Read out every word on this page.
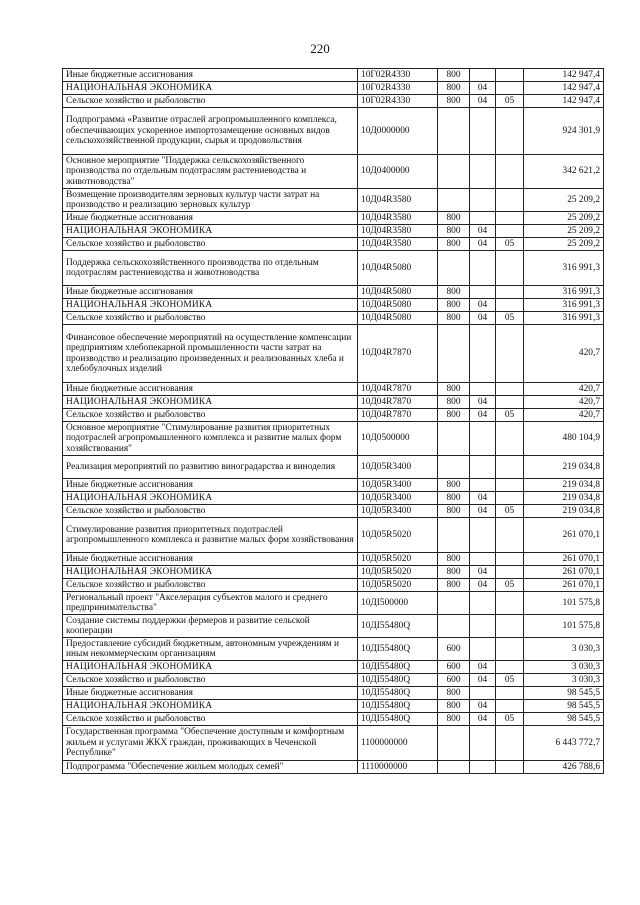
220
Иные бюджетные ассигнования	10Г02R4330	800			142 947,4
НАЦИОНАЛЬНАЯ ЭКОНОМИКА	10Г02R4330	800	04		142 947,4
Сельское хозяйство и рыболовство	10Г02R4330	800	04	05	142 947,4
Подпрограмма «Развитие отраслей агропромышленного комплекса, обеспечивающих ускоренное импортозамещение основных видов сельскохозяйственной продукции, сырья и продовольствия	10Д0000000				924 301,9
Основное мероприятие "Поддержка сельскохозяйственного производства по отдельным подотраслям растениеводства и животноводства"	10Д0400000				342 621,2
Возмещение производителям зерновых культур части затрат на производство и реализацию зерновых культур	10Д04R3580				25 209,2
Иные бюджетные ассигнования	10Д04R3580	800			25 209,2
НАЦИОНАЛЬНАЯ ЭКОНОМИКА	10Д04R3580	800	04		25 209,2
Сельское хозяйство и рыболовство	10Д04R3580	800	04	05	25 209,2
Поддержка сельскохозяйственного производства по отдельным подотраслям растениеводства и животноводства	10Д04R5080				316 991,3
Иные бюджетные ассигнования	10Д04R5080	800			316 991,3
НАЦИОНАЛЬНАЯ ЭКОНОМИКА	10Д04R5080	800	04		316 991,3
Сельское хозяйство и рыболовство	10Д04R5080	800	04	05	316 991,3
Финансовое обеспечение мероприятий на осуществление компенсации предприятиям хлебопекарной промышленности части затрат на производство и реализацию произведенных и реализованных хлеба и хлебобулочных изделий	10Д04R7870				420,7
Иные бюджетные ассигнования	10Д04R7870	800			420,7
НАЦИОНАЛЬНАЯ ЭКОНОМИКА	10Д04R7870	800	04		420,7
Сельское хозяйство и рыболовство	10Д04R7870	800	04	05	420,7
Основное мероприятие "Стимулирование развития приоритетных подотраслей агропромышленного комплекса и развитие малых форм хозяйствования"	10Д0500000				480 104,9
Реализация мероприятий по развитию виноградарства и виноделия	10Д05R3400				219 034,8
Иные бюджетные ассигнования	10Д05R3400	800			219 034,8
НАЦИОНАЛЬНАЯ ЭКОНОМИКА	10Д05R3400	800	04		219 034,8
Сельское хозяйство и рыболовство	10Д05R3400	800	04	05	219 034,8
Стимулирование развития приоритетных подотраслей агропромышленного комплекса и развитие малых форм хозяйствования	10Д05R5020				261 070,1
Иные бюджетные ассигнования	10Д05R5020	800			261 070,1
НАЦИОНАЛЬНАЯ ЭКОНОМИКА	10Д05R5020	800	04		261 070,1
Сельское хозяйство и рыболовство	10Д05R5020	800	04	05	261 070,1
Региональный проект "Акселерация субъектов малого и среднего предпринимательства"	10ДI500000				101 575,8
Создание системы поддержки фермеров и развитие сельской кооперации	10ДI55480Q				101 575,8
Предоставление субсидий бюджетным, автономным учреждениям и иным некоммерческим организациям	10ДI55480Q	600			3 030,3
НАЦИОНАЛЬНАЯ ЭКОНОМИКА	10ДI55480Q	600	04		3 030,3
Сельское хозяйство и рыболовство	10ДI55480Q	600	04	05	3 030,3
Иные бюджетные ассигнования	10ДI55480Q	800			98 545,5
НАЦИОНАЛЬНАЯ ЭКОНОМИКА	10ДI55480Q	800	04		98 545,5
Сельское хозяйство и рыболовство	10ДI55480Q	800	04	05	98 545,5
Государственная программа "Обеспечение доступным и комфортным жильем и услугами ЖКХ граждан, проживающих в Чеченской Республике"	1100000000				6 443 772,7
Подпрограмма "Обеспечение жильем молодых семей"	1110000000				426 788,6
